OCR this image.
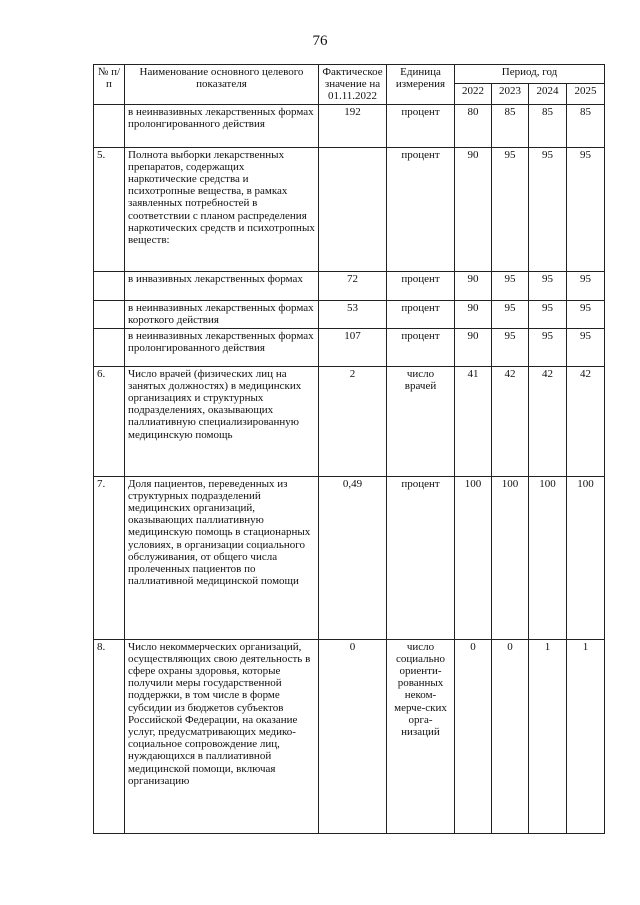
76
№ п/п	Наименование основного целевого показателя	Фактическое значение на 01.11.2022	Единица измерения	Период, год			
				2022	2023	2024	2025
	в неинвазивных лекарственных формах пролонгированного действия	192	процент	80	85	85	85
5.	Полнота выборки лекарственных препаратов, содержащих наркотические средства и психотропные вещества, в рамках заявленных потребностей в соответствии с планом распределения наркотических средств и психотропных веществ:		процент	90	95	95	95
	в инвазивных лекарственных формах	72	процент	90	95	95	95
	в неинвазивных лекарственных формах короткого действия	53	процент	90	95	95	95
	в неинвазивных лекарственных формах пролонгированного действия	107	процент	90	95	95	95
6.	Число врачей (физических лиц на занятых должностях) в медицинских организациях и структурных подразделениях, оказывающих паллиативную специализированную медицинскую помощь	2	число врачей	41	42	42	42
7.	Доля пациентов, переведенных из структурных подразделений медицинских организаций, оказывающих паллиативную медицинскую помощь в стационарных условиях, в организации социального обслуживания, от общего числа пролеченных пациентов по паллиативной медицинской помощи	0,49	процент	100	100	100	100
8.	Число некоммерческих организаций, осуществляющих свою деятельность в сфере охраны здоровья, которые получили меры государственной поддержки, в том числе в форме субсидии из бюджетов субъектов Российской Федерации, на оказание услуг, предусматривающих медико-социальное сопровождение лиц, нуждающихся в паллиативной медицинской помощи, включая организацию	0	число социально ориенти-рованных неком-мерче-ских орга-низаций	0	0	1	1
